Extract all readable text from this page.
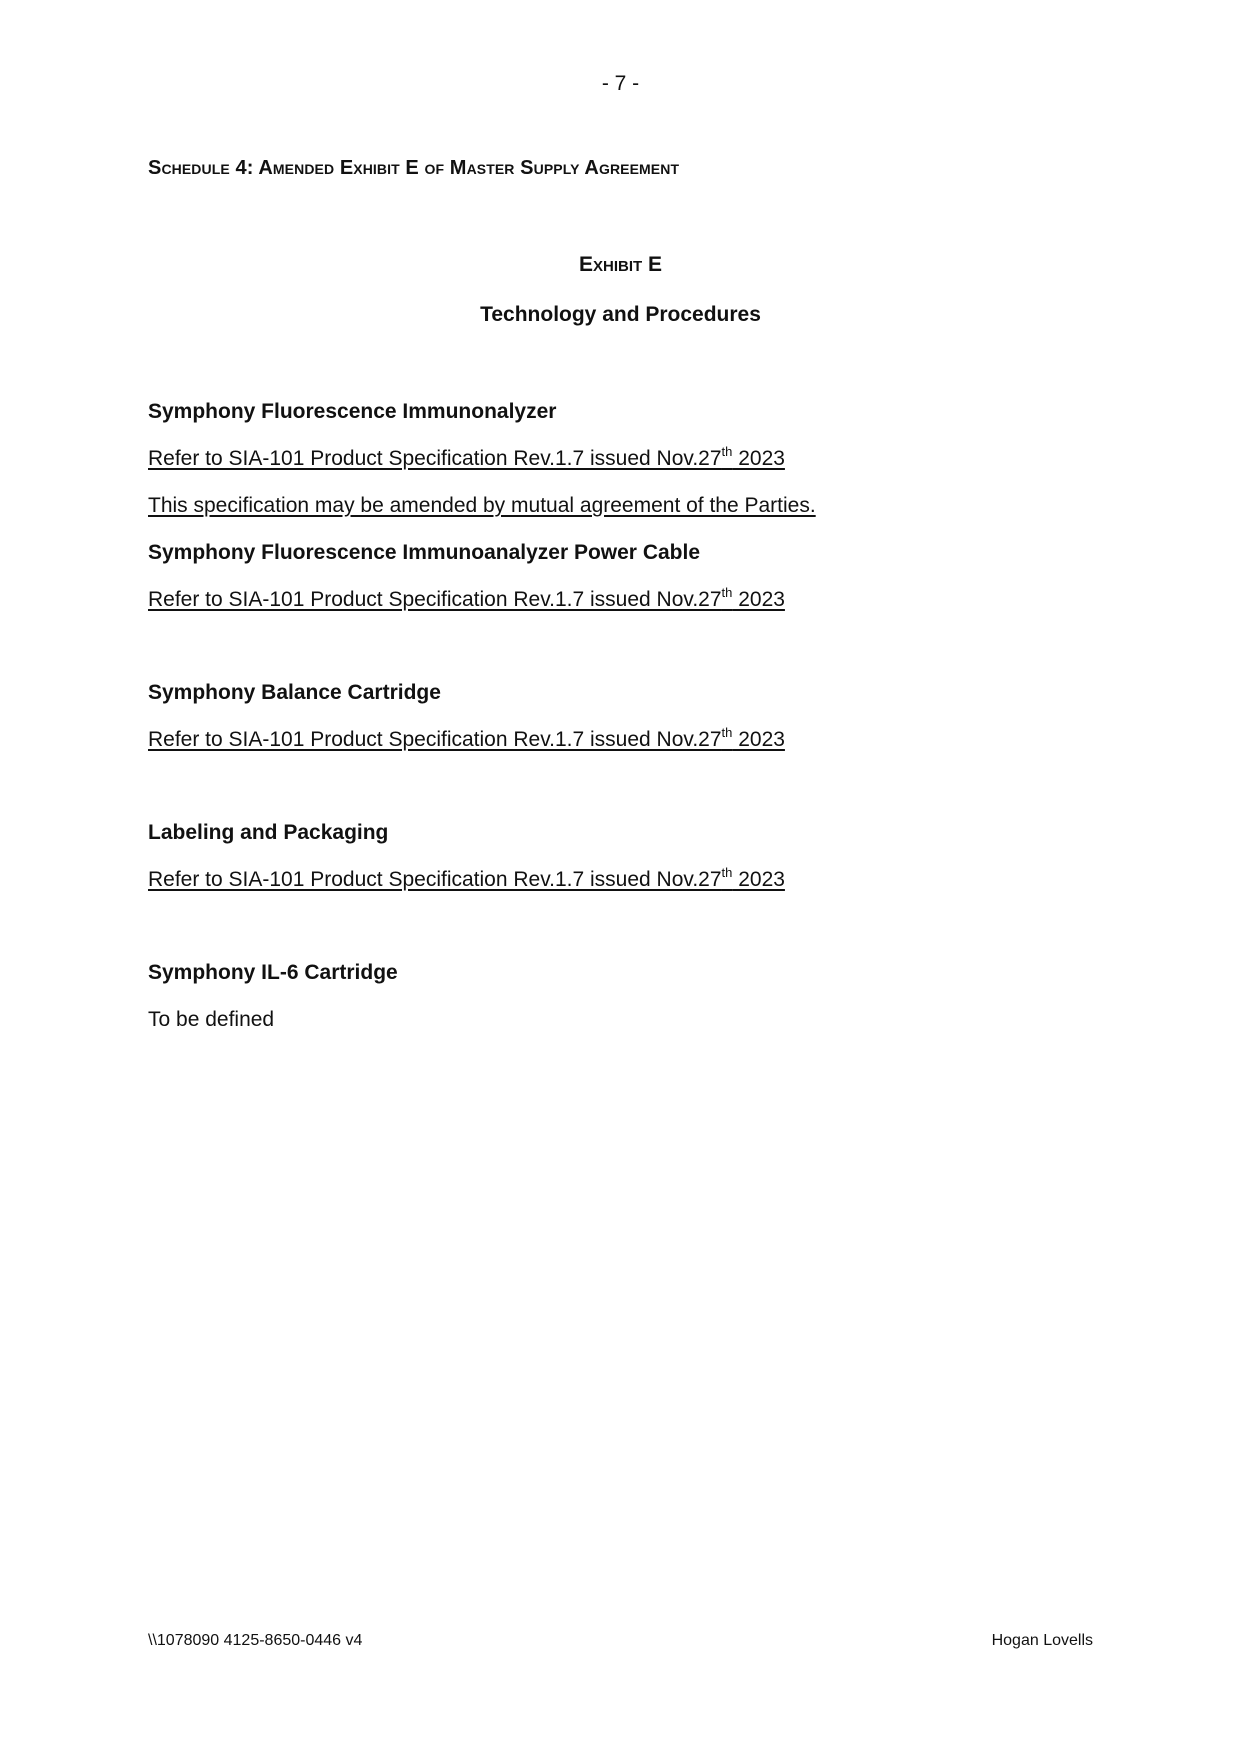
- 7 -
Schedule 4: Amended Exhibit E of Master Supply Agreement
Exhibit E
Technology and Procedures
Symphony Fluorescence Immunonalyzer
Refer to SIA-101 Product Specification Rev.1.7 issued Nov.27th 2023
This specification may be amended by mutual agreement of the Parties.
Symphony Fluorescence Immunoanalyzer Power Cable
Refer to SIA-101 Product Specification Rev.1.7 issued Nov.27th 2023
Symphony Balance Cartridge
Refer to SIA-101 Product Specification Rev.1.7 issued Nov.27th 2023
Labeling and Packaging
Refer to SIA-101 Product Specification Rev.1.7 issued Nov.27th 2023
Symphony IL-6 Cartridge
To be defined
\\1078090 4125-8650-0446 v4	Hogan Lovells
